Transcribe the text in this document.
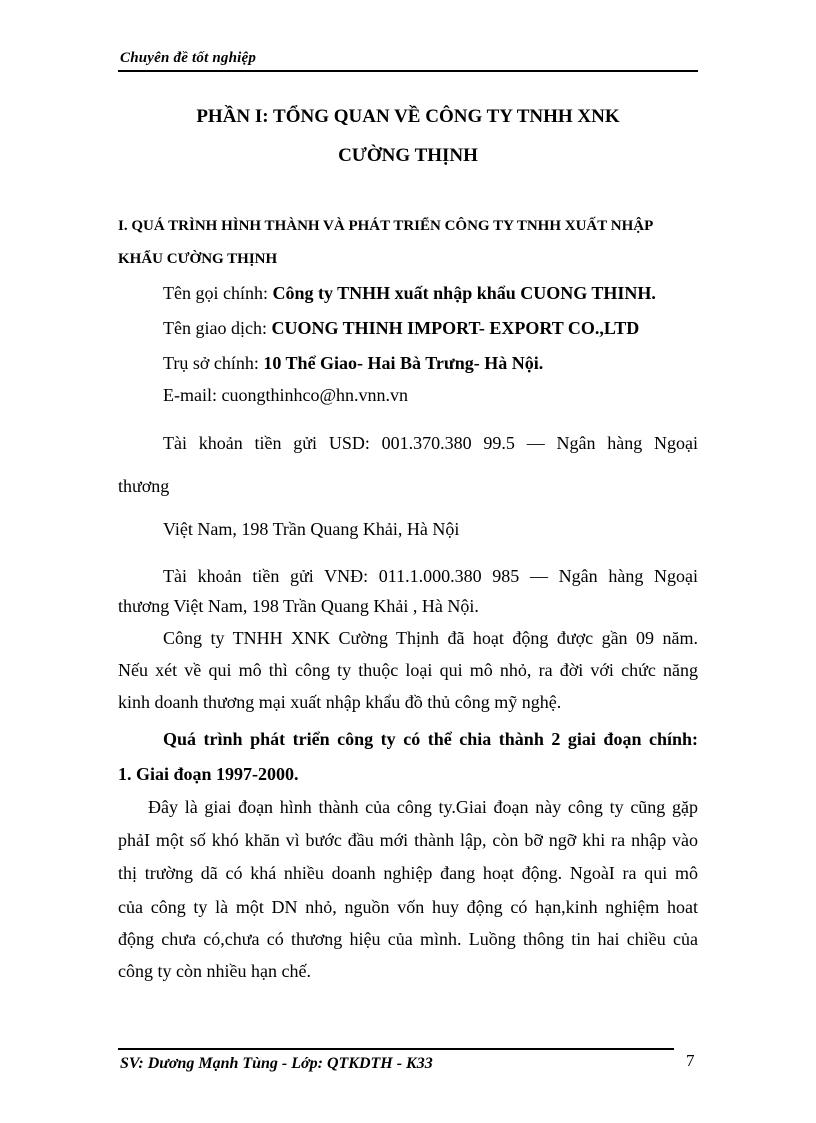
Chuyên đề tốt nghiệp
PHẦN I: TỔNG QUAN VỀ CÔNG TY TNHH XNK
CƯỜNG THỊNH
I. QUÁ TRÌNH HÌNH THÀNH VÀ PHÁT TRIỂN CÔNG TY TNHH XUẤT NHẬP
KHẨU CƯỜNG THỊNH
Tên gọi chính: Công ty TNHH xuất nhập khẩu CUONG THINH.
Tên giao dịch: CUONG THINH IMPORT- EXPORT CO.,LTD
Trụ sở chính: 10 Thể Giao- Hai Bà Trưng- Hà Nội.
E-mail: cuongthinhco@hn.vnn.vn
Tài khoản tiền gửi USD: 001.370.380 99.5 — Ngân hàng Ngoại
thương
Việt Nam, 198 Trần Quang Khải, Hà Nội
Tài khoản tiền gửi VNĐ: 011.1.000.380 985 — Ngân hàng Ngoại
thương Việt Nam, 198 Trần Quang Khải , Hà Nội.
Công ty TNHH XNK Cường Thịnh đã hoạt động được gần 09 năm.
Nếu xét về qui mô thì công ty thuộc loại qui mô nhỏ, ra đời với chức năng
kinh doanh thương mại xuất nhập khẩu đồ thủ công mỹ nghệ.
Quá trình phát triển công ty có thể chia thành 2 giai đoạn chính:
1. Giai đoạn 1997-2000.
Đây là giai đoạn hình thành của công ty.Giai đoạn này công ty cũng gặp
phảI một số khó khăn vì bước đầu mới thành lập, còn bỡ ngỡ khi ra nhập vào
thị trường dã có khá nhiều doanh nghiệp đang hoạt động. NgoàI ra qui mô
của công ty là một DN nhỏ, nguồn vốn huy động có hạn,kinh nghiệm hoat
động chưa có,chưa có thương hiệu của mình. Luồng thông tin hai chiều của
công ty còn nhiều hạn chế.
SV: Dương Mạnh Tùng - Lớp: QTKDTH - K33	7
